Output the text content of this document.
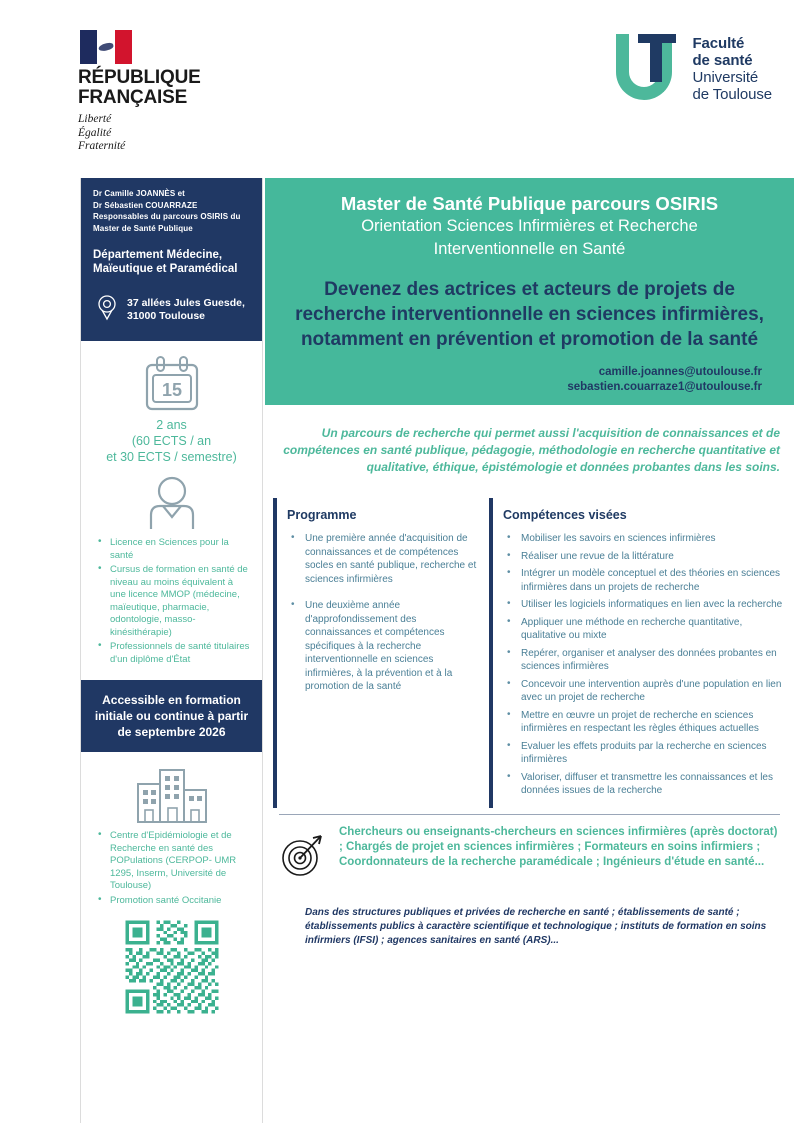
RÉPUBLIQUE
FRANÇAISE
Liberté
Égalité
Fraternité
Faculté
de santé
Université
de Toulouse
Dr Camille JOANNÈS et
Dr Sébastien COUARRAZE
Responsables du parcours OSIRIS du
Master de Santé Publique
Département Médecine,
Maïeutique et Paramédical
37 allées Jules Guesde,
31000 Toulouse
15
2 ans
(60 ECTS / an
et 30 ECTS / semestre)
• Licence en Sciences pour la santé
• Cursus de formation en santé de niveau au moins équivalent à une licence MMOP (médecine, maïeutique, pharmacie, odontologie, masso-kinésithérapie)
• Professionnels de santé titulaires d'un diplôme d'État
Accessible en formation initiale ou continue à partir de septembre 2026
• Centre d'Epidémiologie et de Recherche en santé des POPulations (CERPOP- UMR 1295, Inserm, Université de Toulouse)
• Promotion santé Occitanie
Master de Santé Publique parcours OSIRIS
Orientation Sciences Infirmières et Recherche
Interventionnelle en Santé
Devenez des actrices et acteurs de projets de recherche interventionnelle en sciences infirmières, notamment en prévention et promotion de la santé
camille.joannes@utoulouse.fr
sebastien.couarraze1@utoulouse.fr

Un parcours de recherche qui permet aussi l'acquisition de connaissances et de compétences en santé publique, pédagogie, méthodologie en recherche quantitative et qualitative, éthique, épistémologie et données probantes dans les soins.

Programme
• Une première année d'acquisition de connaissances et de compétences socles en santé publique, recherche et sciences infirmières
• Une deuxième année d'approfondissement des connaissances et compétences spécifiques à la recherche interventionnelle en sciences infirmières, à la prévention et à la promotion de la santé
Compétences visées
• Mobiliser les savoirs en sciences infirmières
• Réaliser une revue de la littérature
• Intégrer un modèle conceptuel et des théories en sciences infirmières dans un projets de recherche
• Utiliser les logiciels informatiques en lien avec la recherche
• Appliquer une méthode en recherche quantitative, qualitative ou mixte
• Repérer, organiser et analyser des données probantes en sciences infirmières
• Concevoir une intervention auprès d'une population en lien avec un projet de recherche
• Mettre en œuvre un projet de recherche en sciences infirmières en respectant les règles éthiques actuelles
• Evaluer les effets produits par la recherche en sciences infirmières
• Valoriser, diffuser et transmettre les connaissances et les données issues de la recherche
Chercheurs ou enseignants-chercheurs en sciences infirmières (après doctorat) ; Chargés de projet en sciences infirmières ; Formateurs en soins infirmiers ; Coordonnateurs de la recherche paramédicale ; Ingénieurs d'étude en santé...

Dans des structures publiques et privées de recherche en santé ; établissements de santé ; établissements publics à caractère scientifique et technologique ; instituts de formation en soins infirmiers (IFSI) ; agences sanitaires en santé (ARS)...
